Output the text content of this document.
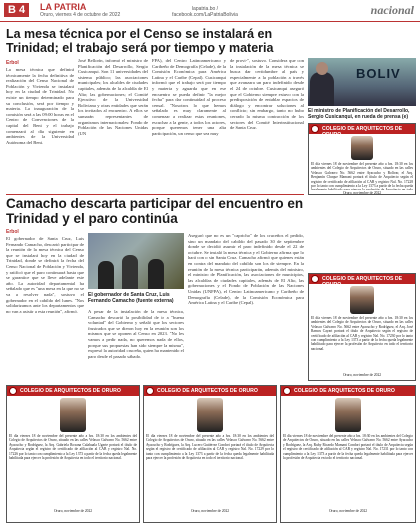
B 4	LA PATRIA
Oruro, viernes 4 de octubre de 2022
lapatria.bo / facebook.com/LaPatriaBolivia	nacional
La mesa técnica por el Censo se instalará en Trinidad; el trabajo será por tiempo y materia
Erbol
La mesa técnica que definirá técnicamente la fecha definitiva de realización del Censo Nacional de Población y Vivienda se instalará hoy en la ciudad de Trinidad. No existe un tiempo determinado para su conclusión, será por tiempo y materia. La inauguración de la comisión será a las 09:00 horas en el Centro de Convenciones de la capital del Beni y el trabajo comenzará al día siguiente en ambientes de la Universidad Autónoma del Beni.
José Bellorín, informó el ministro de Planificación del Desarrollo, Sergio Cusicanqui. Son 11 universidades del sistema público; las asociaciones municipales; los alcaldes de ciudades capitales, además de la alcaldía de El Alto; las gobernaciones; el Comité Ejecutivo de la Universidad Boliviana y otras entidades que serán los invitados al encuentro. A ellos se sumarán representantes de organismos internacionales: Fondo de Población de las Naciones Unidas (UN
FPA), del Centro Latinoamericano y Caribeño de Demografía (Celade), de la Comisión Económica para América Latina y el Caribe (Cepal). Cusicanqui informó que el trabajo será por tiempo y materia y aguarda que en ese encuentro se pueda definir "la mejor fecha" para dar continuidad al proceso censal. "Nosotros lo que hemos señalado es muy claramente al comenzar a realizar estas reuniones, escuchar a la gente, a todos los actores, porque queremos tener una alta participación, un censo que sea muy
de provi-", sostuvo. Considera que con la instalación de la mesa técnica se busca dar certidumbre al país y especialmente a la población a través que avanzara un paro indefinido desde el 24 de octubre. Cusicanqui aseguró que el Gobierno siempre estuvo con la predisposición de entablar espacios de diálogo y encontrar soluciones al conflicto; sin embargo, tanto no hubo cerrado la misma contracción de los sectores del Comité Interinstitucional de Santa Cruz.
BOLIV
El ministro de Planificación del Desarrollo, Sergio Cusicanqui, en rueda de prensa (e)
COLEGIO DE ARQUITECTOS DE ORURO
El día viernes 18 de noviembre del presente año a hrs. 18:30 en los ambientes del Colegio de Arquitectos de Oruro, situado en las calles Velasco Galvarro No. 5662 entre Ayacucho y Bolívar, el Arq. Benjamín Choque Mamani portará el título de Arquitecto según el registro de certificado de afiliación al CAB y registro Nal. No. 17228 por lo tanto con cumplimiento a la Ley 1373 a partir de la fecha queda
Oruro, noviembre de 2022
Camacho descarta participar del encuentro en Trinidad y el paro continúa
Erbol
El gobernador de Santa Cruz, Luis Fernando Camacho, descartó participar de la reunión de la mesa técnica del Censo que se instalará hoy en la ciudad de Trinidad, donde se definirá la fecha del Censo Nacional de Población y Vivienda, y ratificó que el paro continuará hasta que se garantice que se lleve adelante este año. La autoridad departamental ha señalado que es "una mesa en la que no se va a resolver nada", sostuvo el gobernador en el cabildo del lunes. "Nos solidarizamos ante los departamentos que no van a asistir a esta reunión", afirmó.
El gobernador de Santa Cruz, Luis Fernando Camacho (fuente externa)
A pesar de la instalación de la mesa técnica, Camacho descartó la posibilidad de ir a "buena voluntad" del Gobierno y señaló que los sectores frustrados que se dieron hoy en la reunión son los mismos que se oponen al Censo en 2023. "No les vamos a pedir nada, no queremos nada de ellos, porque sus propuestas han sido siempre la misma", expresó la autoridad cruceña, quien ha mantenido el paro desde el pasado sábado.
Aseguró que no es un "capricho" de los cruceños el pedido, sino un mandato del cabildo del pasado 30 de septiembre donde se decidió asumir el paro indefinido desde el 22 de octubre. Se instaló la mesa técnica y el Gobierno afirma que lo hará con o sin Santa Cruz. Camacho afirmó que quienes están en contra del mandato del cabildo son los de siempre. En la reunión de la mesa técnica participarán, además del ministro, el ministro de Planificación, las asociaciones de municipios, las alcaldías de ciudades capitales, además de El Alto, las gobernaciones y el Fondo de Población de las Naciones Unidas (UNFPA), el Centro Latinoamericano y Caribeño de Demografía (Celade), de la Comisión Económica para América Latina y el Caribe (Cepal).
COLEGIO DE ARQUITECTOS DE ORURO
El día viernes 18 de noviembre del presente año a hrs. 18:30 en los ambientes del Colegio de Arquitectos de Oruro, situado en las calles Velasco Galvarro No. 5662 entre Ayacucho y Rodríguez, el Arq. José Ramos Cayari portará el título de Arquitecto según el registro de certificado de afiliación al CAB y registro Nal. No. 17230 por lo tanto con cumplimiento a la Ley 1373 a partir de la fecha queda legalmente habilitado para ejercer la profesión de Arquitecto en todo el territorio nacional.
Oruro, noviembre de 2022
COLEGIO DE ARQUITECTOS DE ORURO
El día viernes 18 de noviembre del presente año a hrs. 18:30 en los ambientes del Colegio de Arquitectos de Oruro, situado en las calles Velasco Galvarro No. 5662 entre Ayacucho y Rodríguez, la Arq. Gabriela Roxana Calahuala Ugarte portará el título de Arquitecta según el registro de certificado de afiliación al CAB y registro Nal. No. 17226 por lo tanto con cumplimiento a la Ley 1373 a partir de la fecha queda legalmente habilitada para ejercer la profesión de Arquitecta en todo el territorio nacional.
Oruro, noviembre de 2022
COLEGIO DE ARQUITECTOS DE ORURO
El día viernes 18 de noviembre del presente año a hrs. 18:30 en los ambientes del Colegio de Arquitectos de Oruro, situado en las calles Velasco Galvarro No. 5662 entre Ayacucho y Rodríguez, la Arq. Lucero Gutiérrez Condori portará el título de Arquitecta según el registro de certificado de afiliación al CAB y registro Nal. No. 17229 por lo tanto con cumplimiento a la Ley 1373 a partir de la fecha queda legalmente habilitada para ejercer la profesión de Arquitecta en todo el territorio nacional.
Oruro, noviembre de 2022
COLEGIO DE ARQUITECTOS DE ORURO
El día viernes 18 de noviembre del presente año a hrs. 18:30 en los ambientes del Colegio de Arquitectos de Oruro, situado en las calles Velasco Galvarro No. 5662 entre Ayacucho y Rodríguez, la Arq. Ruby Ricardo Mamani Condori portará el título de Arquitecta según el registro de certificado de afiliación al CAB y registro Nal. No. 17231 por lo tanto con cumplimiento a la Ley 1373 a partir de la fecha queda legalmente habilitada para ejercer la profesión de Arquitecta en todo el territorio nacional.
Oruro, noviembre de 2022
